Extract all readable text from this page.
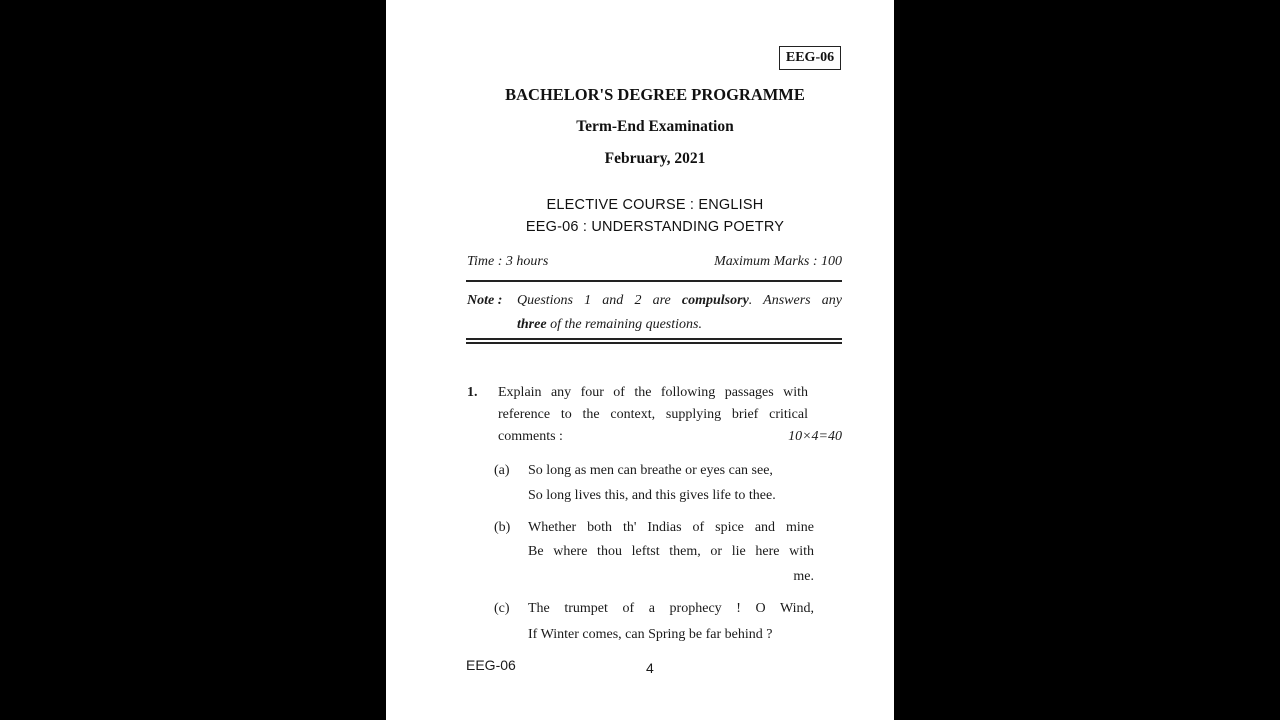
EEG-06
BACHELOR'S DEGREE PROGRAMME
Term-End Examination
February, 2021
ELECTIVE COURSE : ENGLISH
EEG-06 : UNDERSTANDING POETRY
Time : 3 hours	Maximum Marks : 100
Note : Questions 1 and 2 are compulsory. Answers any
three of the remaining questions.
1. Explain any four of the following passages with
reference to the context, supplying brief critical
comments :	10×4=40
(a) So long as men can breathe or eyes can see,
So long lives this, and this gives life to thee.
(b) Whether both th' Indias of spice and mine
Be where thou leftst them, or lie here with
me.
(c) The trumpet of a prophecy ! O Wind,
If Winter comes, can Spring be far behind ?
EEG-06	4
